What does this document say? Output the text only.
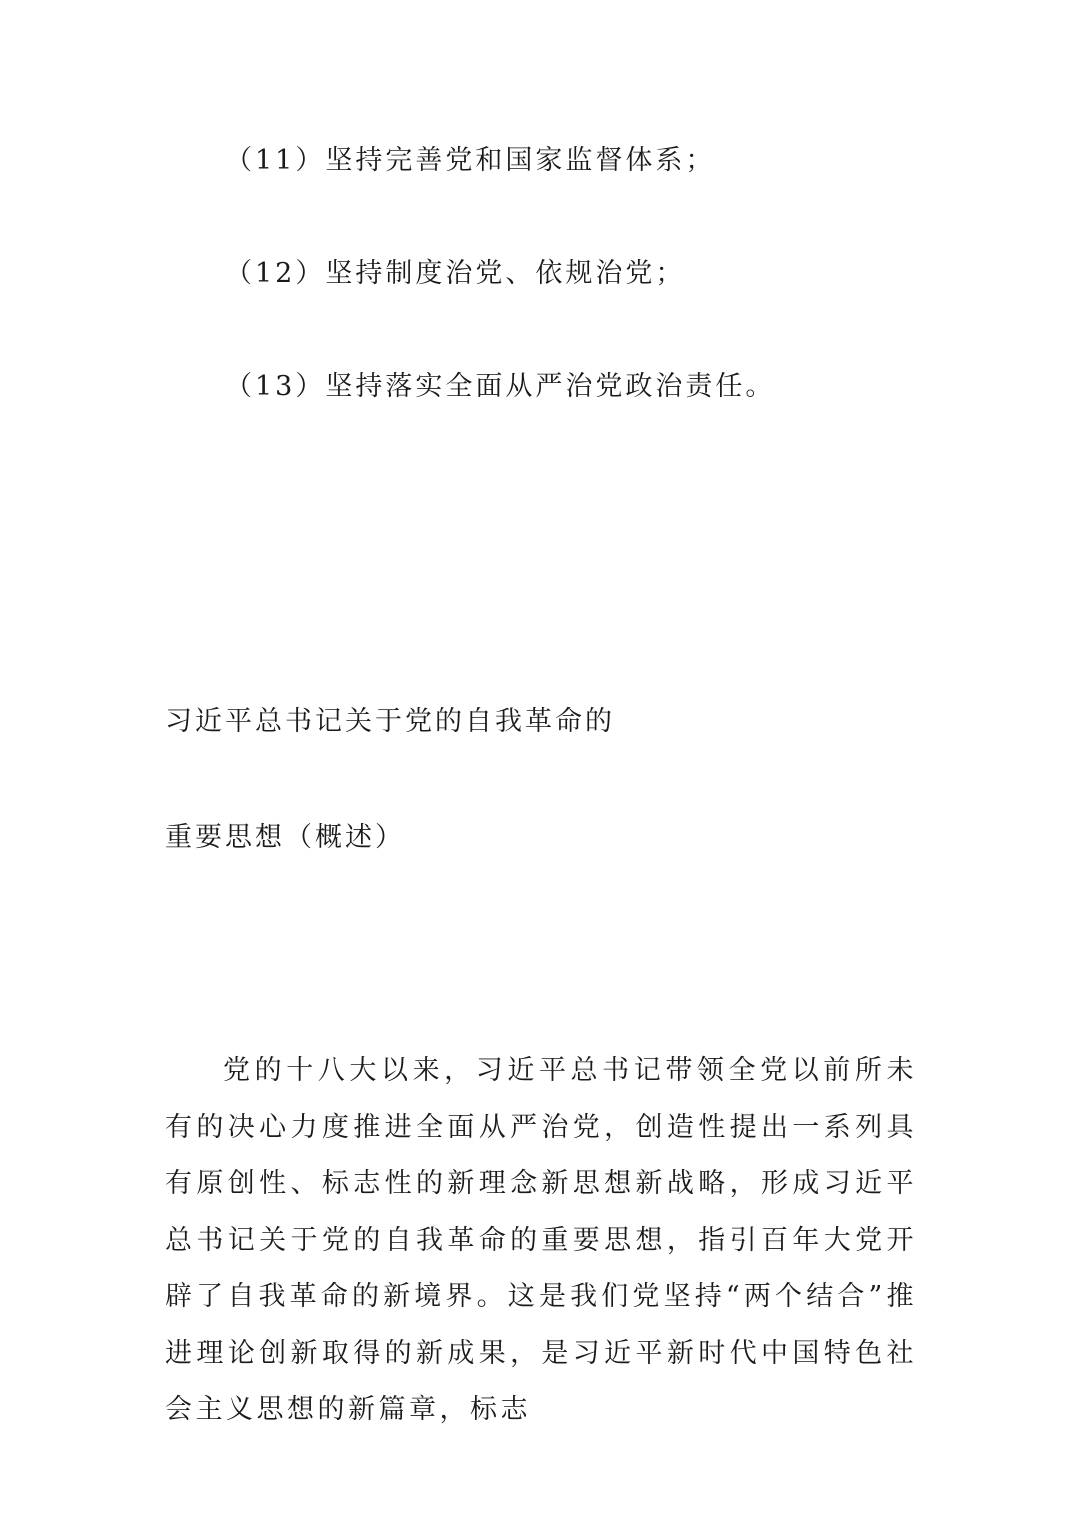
（11）坚持完善党和国家监督体系；
（12）坚持制度治党、依规治党；
（13）坚持落实全面从严治党政治责任。
习近平总书记关于党的自我革命的
重要思想（概述）

党的十八大以来，习近平总书记带领全党以前所未有的决心力度推进全面从严治党，创造性提出一系列具有原创性、标志性的新理念新思想新战略，形成习近平总书记关于党的自我革命的重要思想，指引百年大党开辟了自我革命的新境界。这是我们党坚持“两个结合”推进理论创新取得的新成果，是习近平新时代中国特色社会主义思想的新篇章，标志
